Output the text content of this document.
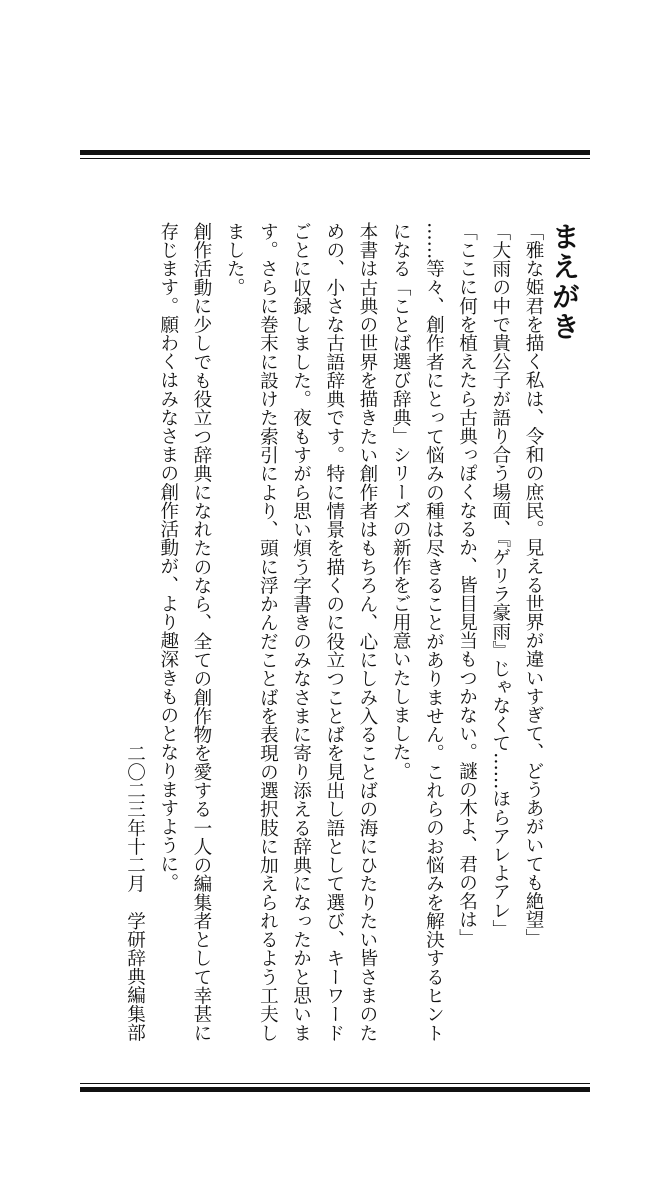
まえがき

「雅な姫君を描く私は、令和の庶民。見える世界が違いすぎて、どうあがいても絶望」

「大雨の中で貴公子が語り合う場面、『ゲリラ豪雨』じゃなくて……ほらアレよアレ」

「ここに何を植えたら古典っぽくなるか、皆目見当もつかない。謎の木よ、君の名は」

……等々、創作者にとって悩みの種は尽きることがありません。これらのお悩みを解決するヒントになる「ことば選び辞典」シリーズの新作をご用意いたしました。

本書は古典の世界を描きたい創作者はもちろん、心にしみ入ることばの海にひたりたい皆さまのための、小さな古語辞典です。特に情景を描くのに役立つことばを見出し語として選び、キーワードごとに収録しました。夜もすがら思い煩う字書きのみなさまに寄り添える辞典になったかと思います。さらに巻末に設けた索引により、頭に浮かんだことばを表現の選択肢に加えられるよう工夫しました。

創作活動に少しでも役立つ辞典になれたのなら、全ての創作物を愛する一人の編集者として幸甚に存じます。願わくはみなさまの創作活動が、より趣深きものとなりますように。

二〇二三年十二月　学研辞典編集部
